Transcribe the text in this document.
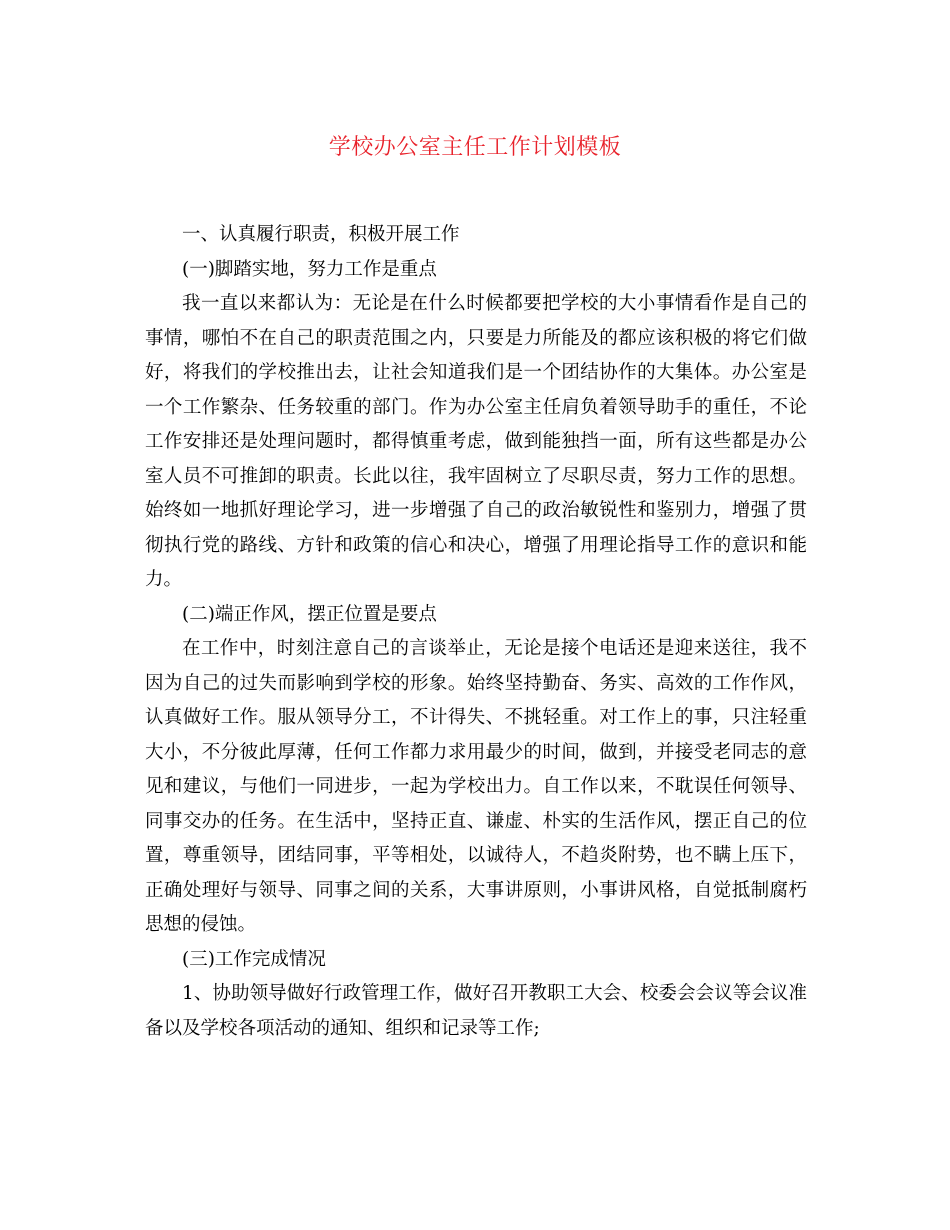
学校办公室主任工作计划模板

一、认真履行职责，积极开展工作

(一)脚踏实地，努力工作是重点

我一直以来都认为：无论是在什么时候都要把学校的大小事情看作是自己的事情，哪怕不在自己的职责范围之内，只要是力所能及的都应该积极的将它们做好，将我们的学校推出去，让社会知道我们是一个团结协作的大集体。办公室是一个工作繁杂、任务较重的部门。作为办公室主任肩负着领导助手的重任，不论工作安排还是处理问题时，都得慎重考虑，做到能独挡一面，所有这些都是办公室人员不可推卸的职责。长此以往，我牢固树立了尽职尽责，努力工作的思想。始终如一地抓好理论学习，进一步增强了自己的政治敏锐性和鉴别力，增强了贯彻执行党的路线、方针和政策的信心和决心，增强了用理论指导工作的意识和能力。

(二)端正作风，摆正位置是要点

在工作中，时刻注意自己的言谈举止，无论是接个电话还是迎来送往，我不因为自己的过失而影响到学校的形象。始终坚持勤奋、务实、高效的工作作风，认真做好工作。服从领导分工，不计得失、不挑轻重。对工作上的事，只注轻重大小，不分彼此厚薄，任何工作都力求用最少的时间，做到，并接受老同志的意见和建议，与他们一同进步，一起为学校出力。自工作以来，不耽误任何领导、同事交办的任务。在生活中，坚持正直、谦虚、朴实的生活作风，摆正自己的位置，尊重领导，团结同事，平等相处，以诚待人，不趋炎附势，也不瞒上压下，正确处理好与领导、同事之间的关系，大事讲原则，小事讲风格，自觉抵制腐朽思想的侵蚀。

(三)工作完成情况

1、协助领导做好行政管理工作，做好召开教职工大会、校委会会议等会议准备以及学校各项活动的通知、组织和记录等工作;
